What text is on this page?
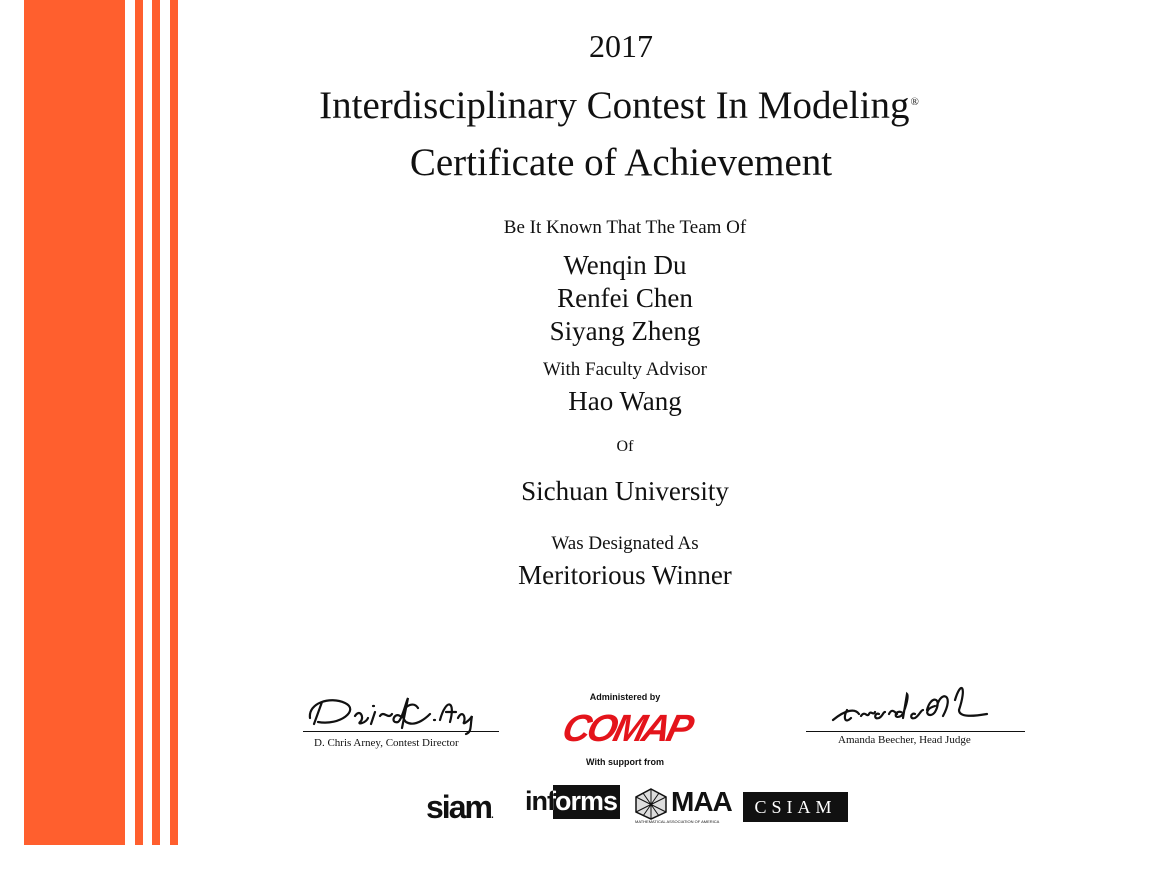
2017
Interdisciplinary Contest In Modeling®
Certificate of Achievement
Be It Known That The Team Of
Wenqin Du
Renfei Chen
Siyang Zheng
With Faculty Advisor
Hao Wang
Of
Sichuan University
Was Designated As
Meritorious Winner
D. Chris Arney, Contest Director	Amanda Beecher, Head Judge
Administered by
COMAP
With support from
siam. informs MAA
MATHEMATICAL ASSOCIATION OF AMERICA
CSIAM
